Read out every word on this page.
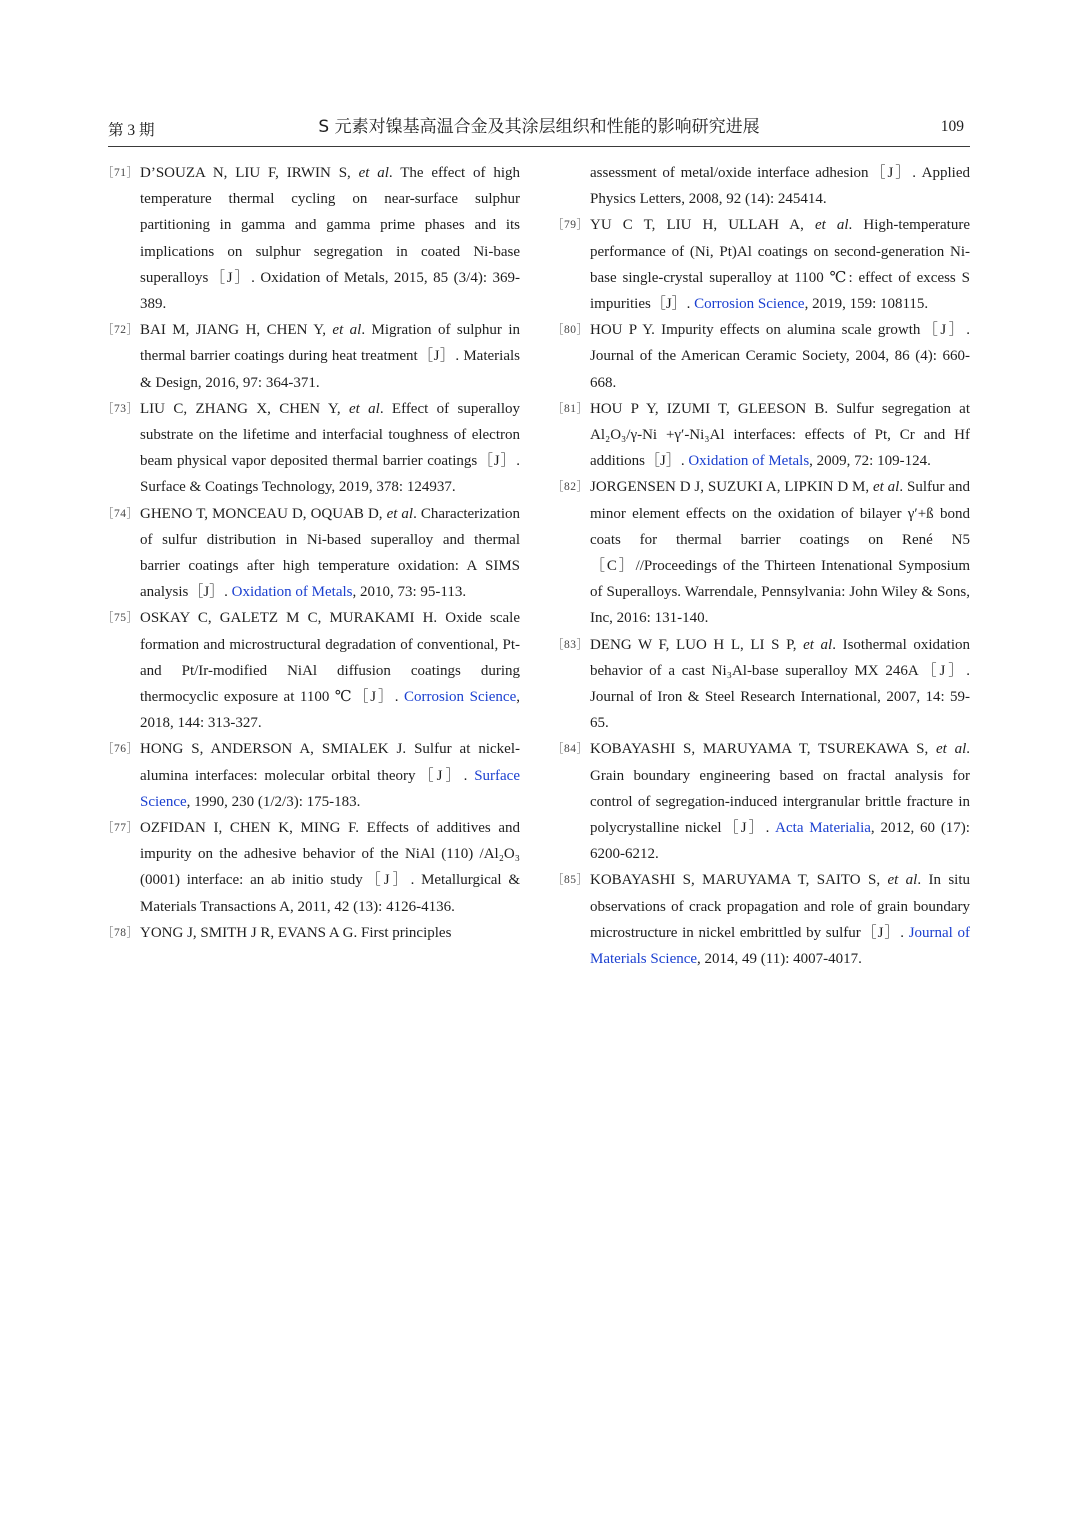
第 3 期	S 元素对镍基高温合金及其涂层组织和性能的影响研究进展	109

［71］ D’SOUZA N, LIU F, IRWIN S, et al. The effect of high temperature thermal cycling on near-surface sulphur partitioning in gamma and gamma prime phases and its implications on sulphur segregation in coated Ni-base superalloys［J］. Oxidation of Metals, 2015, 85 (3/4): 369-389.

［72］ BAI M, JIANG H, CHEN Y, et al. Migration of sulphur in thermal barrier coatings during heat treatment［J］. Materials & Design, 2016, 97: 364-371.

［73］ LIU C, ZHANG X, CHEN Y, et al. Effect of superalloy substrate on the lifetime and interfacial toughness of electron beam physical vapor deposited thermal barrier coatings［J］. Surface & Coatings Technology, 2019, 378: 124937.

［74］ GHENO T, MONCEAU D, OQUAB D, et al. Characterization of sulfur distribution in Ni-based superalloy and thermal barrier coatings after high temperature oxidation: A SIMS analysis［J］. Oxidation of Metals, 2010, 73: 95-113.

［75］ OSKAY C, GALETZ M C, MURAKAMI H. Oxide scale formation and microstructural degradation of conventional, Pt- and Pt/Ir-modified NiAl diffusion coatings during thermocyclic exposure at 1100 ℃［J］. Corrosion Science, 2018, 144: 313-327.

［76］ HONG S, ANDERSON A, SMIALEK J. Sulfur at nickel-alumina interfaces: molecular orbital theory［J］. Surface Science, 1990, 230 (1/2/3): 175-183.

［77］ OZFIDAN I, CHEN K, MING F. Effects of additives and impurity on the adhesive behavior of the NiAl (110) /Al₂O₃ (0001) interface: an ab initio study［J］. Metallurgical & Materials Transactions A, 2011, 42 (13): 4126-4136.

［78］ YONG J, SMITH J R, EVANS A G. First principles

assessment of metal/oxide interface adhesion［J］. Applied Physics Letters, 2008, 92 (14): 245414.

［79］ YU C T, LIU H, ULLAH A, et al. High-temperature performance of (Ni, Pt)Al coatings on second-generation Ni-base single-crystal superalloy at 1100 ℃: effect of excess S impurities［J］. Corrosion Science, 2019, 159: 108115.

［80］ HOU P Y. Impurity effects on alumina scale growth［J］. Journal of the American Ceramic Society, 2004, 86 (4): 660-668.

［81］ HOU P Y, IZUMI T, GLEESON B. Sulfur segregation at Al₂O₃/γ-Ni +γ′-Ni₃Al interfaces: effects of Pt, Cr and Hf additions［J］. Oxidation of Metals, 2009, 72: 109-124.

［82］ JORGENSEN D J, SUZUKI A, LIPKIN D M, et al. Sulfur and minor element effects on the oxidation of bilayer γ′+ß bond coats for thermal barrier coatings on René N5［C］//Proceedings of the Thirteen Intenational Symposium of Superalloys. Warrendale, Pennsylvania: John Wiley & Sons, Inc, 2016: 131-140.

［83］ DENG W F, LUO H L, LI S P, et al. Isothermal oxidation behavior of a cast Ni₃Al-base superalloy MX 246A［J］. Journal of Iron & Steel Research International, 2007, 14: 59-65.

［84］ KOBAYASHI S, MARUYAMA T, TSUREKAWA S, et al. Grain boundary engineering based on fractal analysis for control of segregation-induced intergranular brittle fracture in polycrystalline nickel［J］. Acta Materialia, 2012, 60 (17): 6200-6212.

［85］ KOBAYASHI S, MARUYAMA T, SAITO S, et al. In situ observations of crack propagation and role of grain boundary microstructure in nickel embrittled by sulfur［J］. Journal of Materials Science, 2014, 49 (11): 4007-4017.
